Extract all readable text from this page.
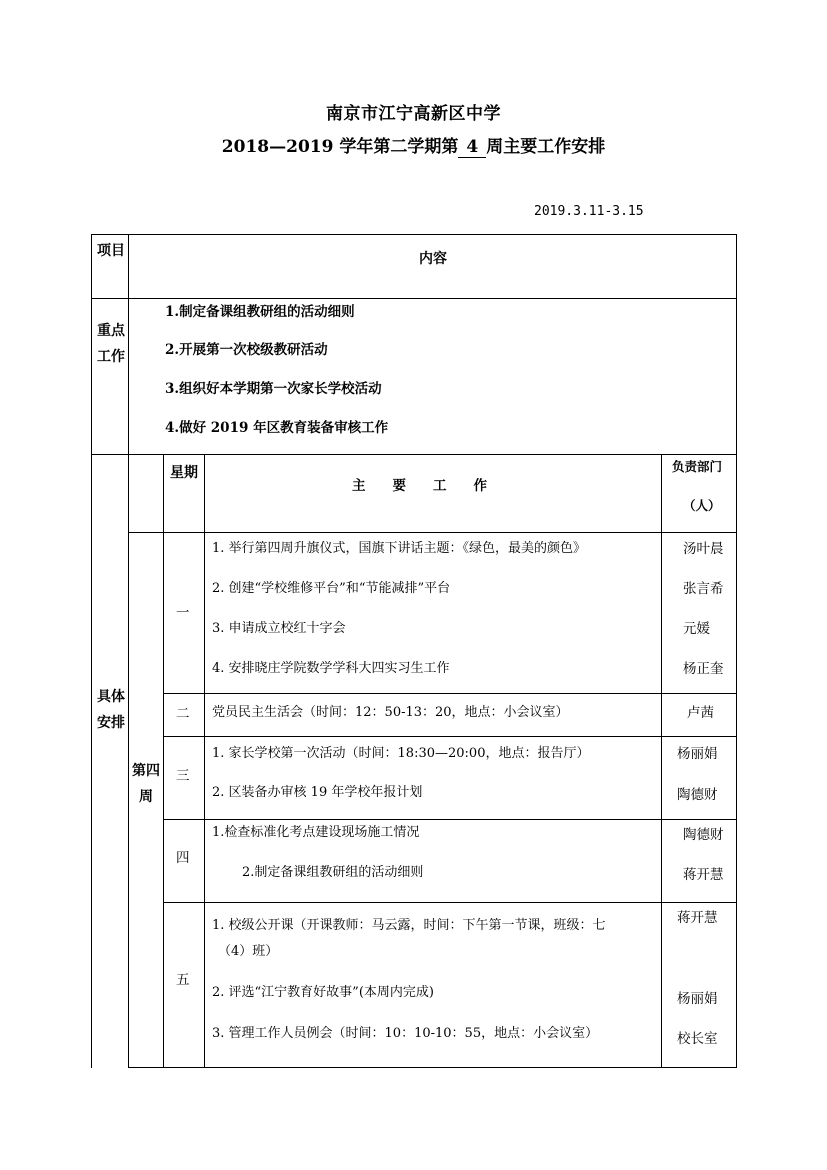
南京市江宁高新区中学
2018—2019 学年第二学期第 4 周主要工作安排
2019.3.11-3.15
项目	内容
重点工作
1.制定备课组教研组的活动细则
2.开展第一次校级教研活动
3.组织好本学期第一次家长学校活动
4.做好 2019 年区教育装备审核工作
具体安排
第四周
星期
主　　要　　工　　作
负责部门
（人）
一
1. 举行第四周升旗仪式，国旗下讲话主题：《绿色，最美的颜色》
2. 创建“学校维修平台”和“节能减排”平台
3. 申请成立校红十字会
4. 安排晓庄学院数学学科大四实习生工作
汤叶晨
张言希
元媛
杨正奎
二 党员民主生活会（时间：12：50-13：20，地点：小会议室）	卢茜
三
1. 家长学校第一次活动（时间：18:30—20:00，地点：报告厅）
2. 区装备办审核 19 年学校年报计划
杨丽娟
陶德财
四
1.检查标准化考点建设现场施工情况
2.制定备课组教研组的活动细则
陶德财
蒋开慧
五
1. 校级公开课（开课教师：马云露，时间：下午第一节课，班级：七
（4）班）
2. 评选“江宁教育好故事”(本周内完成)
3. 管理工作人员例会（时间：10：10-10：55，地点：小会议室）
蒋开慧
杨丽娟
校长室
